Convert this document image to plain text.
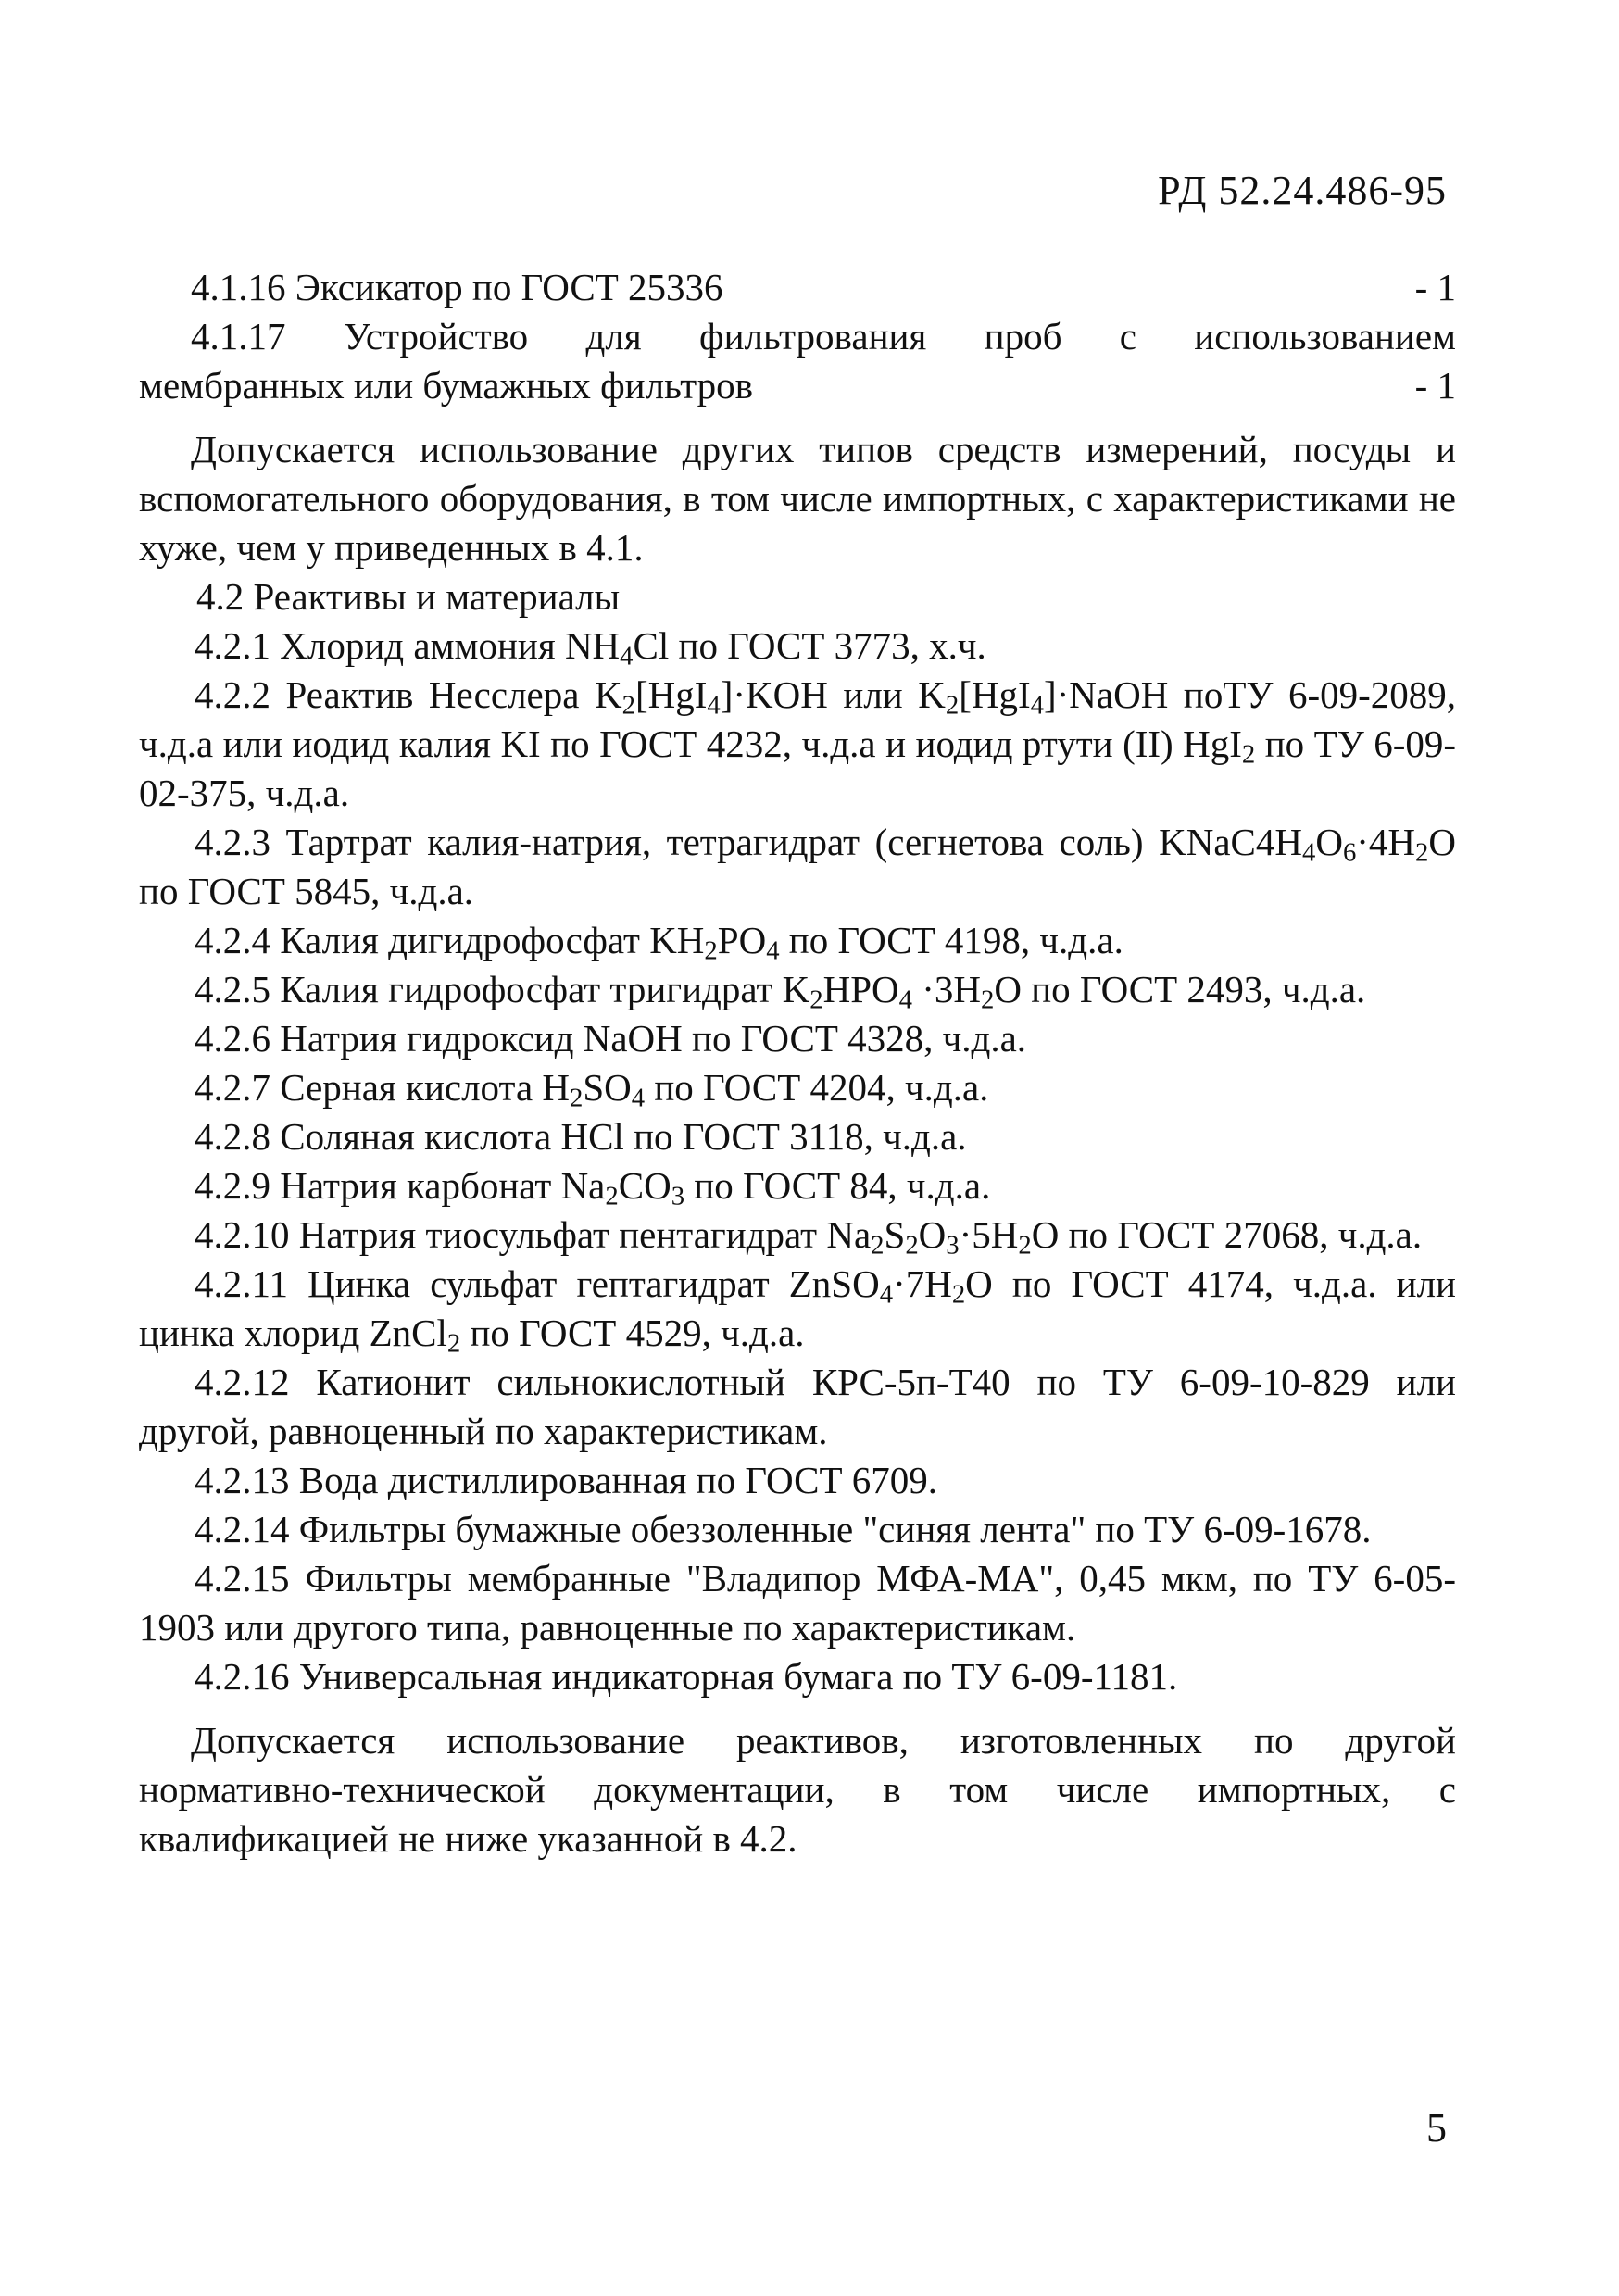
РД 52.24.486-95
4.1.16 Эксикатор по ГОСТ 25336	- 1
4.1.17 Устройство для фильтрования проб с использованием
мембранных или бумажных фильтров	- 1

Допускается использование других типов средств измерений, посуды и вспомогательного оборудования, в том числе импортных, с характеристиками не хуже, чем у приведенных в 4.1.

4.2 Реактивы и материалы

4.2.1 Хлорид аммония $NH_4Cl$ по ГОСТ 3773, х.ч.

4.2.2 Реактив Несслера $K_2[HgI_4]\cdot KOH$ или $K_2[HgI_4]\cdot NaOH$ поТУ 6-09-2089, ч.д.а или иодид калия KI по ГОСТ 4232, ч.д.а и иодид ртути (II) HgI$_2$ по ТУ 6-09-02-375, ч.д.а.

4.2.3 Тартрат калия-натрия, тетрагидрат (сегнетова соль) $KNaC4H_4O_6\cdot 4H_2O$ по ГОСТ 5845, ч.д.а.

4.2.4 Калия дигидрофосфат $KH_2PO_4$ по ГОСТ 4198, ч.д.а.

4.2.5 Калия гидрофосфат тригидрат $K_2HPO_4 \cdot 3H_2O$ по ГОСТ 2493, ч.д.а.

4.2.6 Натрия гидроксид NaOH по ГОСТ 4328, ч.д.а.

4.2.7 Серная кислота $H_2SO_4$ по ГОСТ 4204, ч.д.а.

4.2.8 Соляная кислота HCl по ГОСТ 3118, ч.д.а.

4.2.9 Натрия карбонат $Na_2CO_3$ по ГОСТ 84, ч.д.а.

4.2.10 Натрия тиосульфат пентагидрат $Na_2S_2O_3\cdot 5H_2O$ по ГОСТ 27068, ч.д.а.

4.2.11 Цинка сульфат гептагидрат $ZnSO_4\cdot 7H_2O$ по ГОСТ 4174, ч.д.а. или цинка хлорид ZnCl$_2$ по ГОСТ 4529, ч.д.а.

4.2.12 Катионит сильнокислотный КРС-5п-Т40 по ТУ 6-09-10-829 или другой, равноценный по характеристикам.

4.2.13 Вода дистиллированная по ГОСТ 6709.

4.2.14 Фильтры бумажные обеззоленные "синяя лента" по ТУ 6-09-1678.

4.2.15 Фильтры мембранные "Владипор МФА-МА", 0,45 мкм, по ТУ 6-05-1903 или другого типа, равноценные по характеристикам.

4.2.16 Универсальная индикаторная бумага по ТУ 6-09-1181.

Допускается использование реактивов, изготовленных по другой нормативно-технической документации, в том числе импортных, с квалификацией не ниже указанной в 4.2.

5
